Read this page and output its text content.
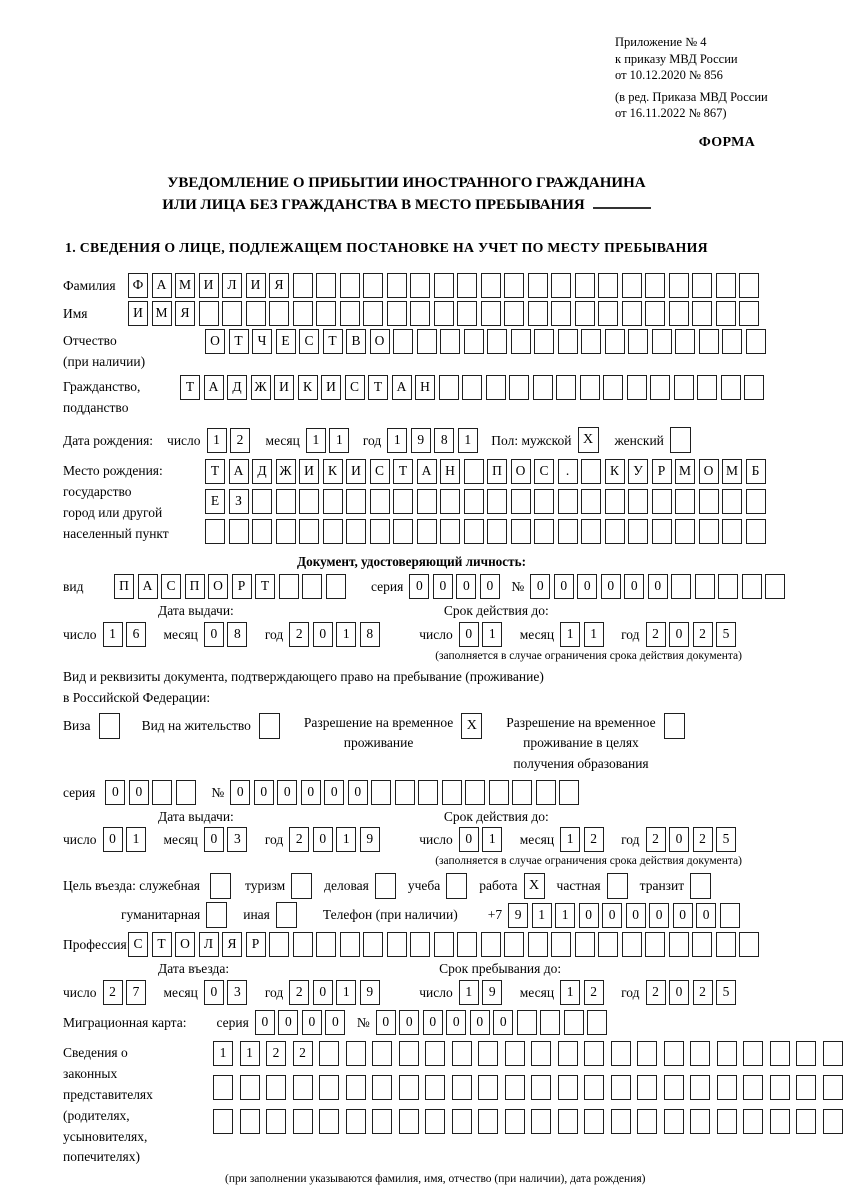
Приложение № 4
к приказу МВД России
от 10.12.2020 № 856
(в ред. Приказа МВД России
от 16.11.2022 № 867)
ФОРМА
УВЕДОМЛЕНИЕ О ПРИБЫТИИ ИНОСТРАННОГО ГРАЖДАНИНА
ИЛИ ЛИЦА БЕЗ ГРАЖДАНСТВА В МЕСТО ПРЕБЫВАНИЯ
1. СВЕДЕНИЯ О ЛИЦЕ, ПОДЛЕЖАЩЕМ ПОСТАНОВКЕ НА УЧЕТ ПО МЕСТУ ПРЕБЫВАНИЯ
Фамилия	Ф А М И	Л	И	Я
Имя	И М Я
Отчество
(при наличии)
О	Т	Ч	Е	С	Т	В	О
Гражданство,
подданство
Т	А	Д Ж И	К	И	С	Т	А	Н
Дата рождения: число 1	2	месяц 1	1	год 1	9	8	1	Пол: мужской X	женский
Место рождения:
государство
город или другой
населенный пункт
Т	А	Д Ж И	К	И	С	Т	А	Н	П	О	С	.	К	У	Р	М О М	Б
Е	З
Документ, удостоверяющий личность:
вид	П	А	С	П	О	Р	Т	серия 0	0	0	0	№ 0	0	0	0	0	0
Дата выдачи:	Срок действия до:
число 1	6	месяц 0	8	год 2	0	1	8	число 0	1	месяц 1	1	год 2	0	2	5
(заполняется в случае ограничения срока действия документа)
Вид и реквизиты документа, подтверждающего право на пребывание (проживание)
в Российской Федерации:
Виза	Вид на жительство	Разрешение на временное
проживание
X	Разрешение на временное
проживание в целях
получения образования
серия	0	0	№ 0	0	0	0	0	0
Дата выдачи:	Срок действия до:
число 0	1	месяц 0	3	год 2	0	1	9	число 0	1	месяц 1	2	год 2	0	2	5
(заполняется в случае ограничения срока действия документа)
Цель въезда: служебная	туризм	деловая	учеба	работа X	частная	транзит
гуманитарная	иная	Телефон (при наличии) +7 9	1	1	0	0	0	0	0	0
Профессия С	Т	О	Л	Я	Р
Дата въезда:	Срок пребывания до:
число 2	7	месяц 0	3	год 2	0	1	9	число 1	9	месяц 1	2	год 2	0	2	5
Миграционная карта: серия 0	0	0	0	№ 0	0	0	0	0	0
Сведения о
законных
представителях
(родителях,
усыновителях,
попечителях)
1	1	2	2
(при заполнении указываются фамилия, имя, отчество (при наличии), дата рождения)
